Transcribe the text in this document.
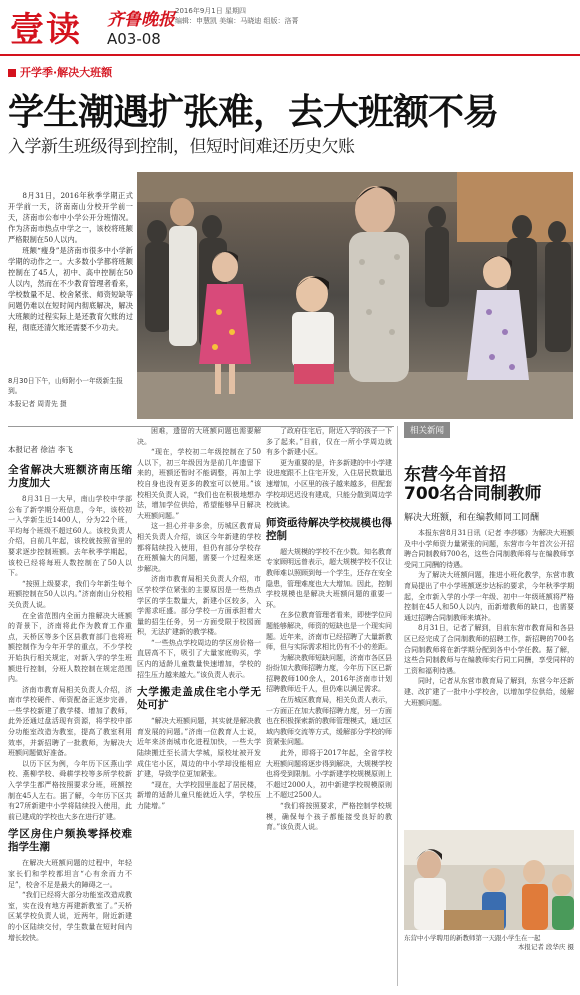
壹读 齐鲁晚报
A03-08
2016年9月1日 星期四
编辑：申慧凯 美编：马晓迪 组版：洛菁
开学季·解决大班额
学生潮遇扩张难，去大班额不易
入学新生班级得到控制，但短时间难还历史欠账

8月31日，2016年秋季学期正式开学前一天，济南南山分校开学前一天，济南市公布中小学公开分班情况。作为济南市热点中学之一，该校将班额严格限制在50人以内。

班额“瘦身”是济南市很多中小学新学期的动作之一。大多数小学都将班额控制在了45人，初中、高中控制在50人以内，然而在不少教育管理者看来，学校数量不足、校舍紧张、师资短缺等问题仍难以在短时间内彻底解决，解决大班额的过程实际上是还教育欠账的过程，彻底还清欠账还需要不少功夫。

8月30日下午，山师附小一年级新生报到。
本报记者 周青先 摄
本报记者 徐洁 李飞
全省解决大班额济南压缩力度加大

8月31日一大早，南山学校中学部公布了新学期分班信息，今年，该校初一入学新生近1400人，分为22个班，平均每个班级不超过60人。该校负责人介绍，自前几年起，该校就按照省里的要求逐步控制班额。去年秋季学期起，该校已经将每班人数控制在了50人以下。

“按照上级要求，我们今年新生每个班额控制在50人以内。”济南南山分校相关负责人说。

在全省范围内全面力推解决大班额的背景下，济南将此作为教育工作重点，天桥区等多个区县教育部门也将班额控制作为今年开学的重点，不少学校开始执行相关规定，对新入学的学生班额进行控制，分班人数控制在规定范围内。

济南市教育局相关负责人介绍，济南市学校硬件、师资配备正逐步完善，一些学校新建了教学楼、增加了教师，此外还通过盘活现有资源，将学校中部分功能室改造为教室，提高了教室利用效率，并新招聘了一批教师，为解决大班额问题做好准备。

以历下区为例，今年历下区燕山学校、燕柳学校、舜耕学校等多所学校新入学学生都严格按照要求分班，班额控制在45人左右。据了解，今年历下区共有27所新建中小学将陆续投入使用，此前已建成的学校也大多在进行扩建。

学区房住户频换零择校难指学生潮

在解决大班额问题的过程中，年轻家长们和学校都坦言“心有余而力不足”，校舍不足是最大的障碍之一。

“我们已经将大部分功能室改造成教室，实在没有地方再建新教室了。”天桥区某学校负责人说，近两年，附近新建的小区陆续交付，学生数量在短时间内增长较快。

困难，遗留的大班额问题也需要解决。

“现在，学校初二年级控制在了50人以下，初三年级因为是前几年遗留下来的，班额还暂时不能调整，再加上学校自身也没有更多的教室可以使用。”该校相关负责人说，“我们也在积极地想办法，增加学位供给，希望能够早日解决大班额问题。”

这一担心并非多余，历城区教育局相关负责人介绍，该区今年新建的学校都将陆续投入使用，但仍有部分学校存在班额偏大的问题，需要一个过程来逐步解决。

济南市教育局相关负责人介绍，市区学校学位紧张的主要原因是一些热点学区的学生数量大，新建小区较多，入学需求旺盛。部分学校一方面承担着大量的招生任务，另一方面受限于校园面积，无法扩建新的教学楼。

“一些热点学校周边的学区房价格一直居高不下，吸引了大量家庭购买，学区内的适龄儿童数量快速增加，学校的招生压力越来越大。”该负责人表示。

大学搬走盖成住宅小学无处可扩

“解决大班额问题，其实就是解决教育发展的问题。”济南一位教育人士说，近年来济南城市化进程加快，一些大学陆续搬迁至长清大学城，原校址被开发成住宅小区，周边的中小学却没能相应扩建，导致学位更加紧张。

“现在，大学校园里盖起了居民楼，新增的适龄儿童只能就近入学，学校压力陡增。”

了政府住宅后，附近入学的孩子一下多了起来。”目前，仅在一所小学周边就有多个新建小区。

更为重要的是，许多新建的中小学建设进度跟不上住宅开发，入住居民数量迅速增加，小区里的孩子越来越多，但配套学校却迟迟没有建成，只能分散到周边学校就读。

师资亟待解决学校规模也得控制

超大规模的学校不在少数。知名教育专家顾明远曾表示，超大规模学校不仅让教师难以照顾到每一个学生，还存在安全隐患，管理难度也大大增加。因此，控制学校规模也是解决大班额问题的重要一环。

在多位教育管理者看来，即使学位问题能够解决，师资的短缺也是一个现实问题。近年来，济南市已经招聘了大量新教师，但与实际需求相比仍有不小的差距。

为解决教师短缺问题，济南市各区县纷纷加大教师招聘力度，今年历下区已新招聘教师100余人，2016年济南市计划招聘教师近千人，但仍难以满足需求。

在历城区教育局，相关负责人表示，一方面正在加大教师招聘力度，另一方面也在积极探索新的教师管理模式，通过区域内教师交流等方式，缓解部分学校的师资紧张问题。

此外，即将于2017年起，全省学校大班额问题将逐步得到解决，大规模学校也将受到限制。小学新建学校规模原则上不超过2000人，初中新建学校规模原则上不超过2500人。

“我们将按照要求，严格控制学校规模，确保每个孩子都能接受良好的教育。”该负责人说。

相关新闻
东营今年首招
700名合同制教师
解决大班额，和在编教师同工同酬

本报东营8月31日讯（记者 李莎娜）为解决大班额及中小学师资力量紧张的问题，东营市今年首次公开招聘合同制教师700名，这些合同制教师将与在编教师享受同工同酬的待遇。

为了解决大班额问题，推进小班化教学，东营市教育局提出了中小学班额逐步达标的要求，今年秋季学期起，全市新入学的小学一年级、初中一年级班额将严格控制在45人和50人以内，而新增教师的缺口，也需要通过招聘合同制教师来填补。

8月31日，记者了解到，目前东营市教育局和各县区已经完成了合同制教师的招聘工作，新招聘的700名合同制教师将在新学期分配到各中小学任教。据了解，这些合同制教师与在编教师实行同工同酬，享受同样的工资和福利待遇。

同时，记者从东营市教育局了解到，东营今年还新建、改扩建了一批中小学校舍，以增加学位供给，缓解大班额问题。

东营中小学聘用的新教师第一天跟小学生在一起
本报记者 段华庆 摄
